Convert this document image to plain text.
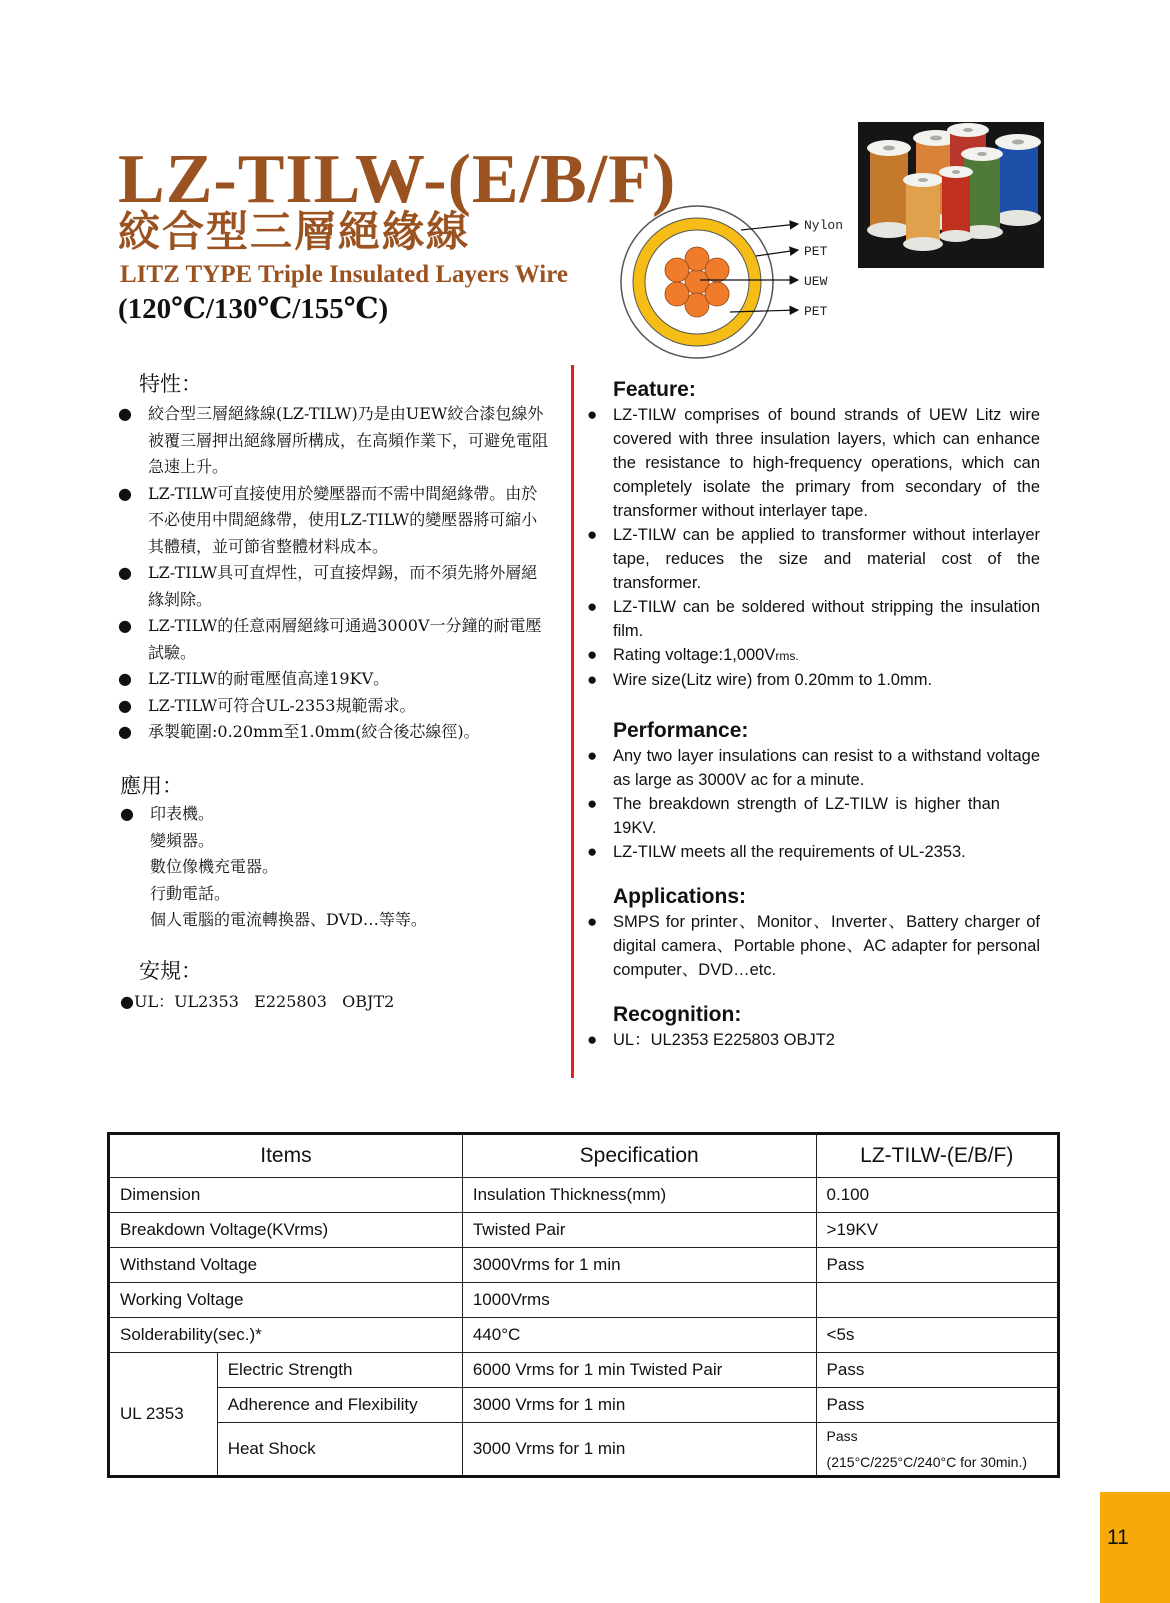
LZ-TILW-(E/B/F)
絞合型三層絕緣線

LITZ TYPE Triple Insulated Layers Wire

(120℃/130℃/155℃)

Nylon
PET
UEW
PET

特性：

● 絞合型三層絕緣線(LZ-TILW)乃是由UEW絞合漆包線外被覆三層押出絕緣層所構成，在高頻作業下，可避免電阻急速上升。
● LZ-TILW可直接使用於變壓器而不需中間絕緣帶。由於不必使用中間絕緣帶，使用LZ-TILW的變壓器將可縮小其體積，並可節省整體材料成本。
● LZ-TILW具可直焊性，可直接焊錫，而不須先將外層絕緣剝除。
● LZ-TILW的任意兩層絕緣可通過3000V一分鐘的耐電壓試驗。
● LZ-TILW的耐電壓值高達19KV。
● LZ-TILW可符合UL-2353規範需求。
● 承製範圍:0.20mm至1.0mm(絞合後芯線徑)。

應用：

● 印表機。
變頻器。
數位像機充電器。
行動電話。
個人電腦的電流轉換器、DVD…等等。

安規：

●UL：UL2353   E225803   OBJT2

Feature:

● LZ-TILW comprises of bound strands of UEW Litz wire covered with three insulation layers, which can enhance the resistance to high-frequency operations, which can completely isolate the primary from secondary of the transformer without interlayer tape.
● LZ-TILW can be applied to transformer without interlayer tape, reduces the size and material cost of the transformer.
● LZ-TILW can be soldered without stripping the insulation film.
● Rating voltage:1,000Vrms.
● Wire size(Litz wire) from 0.20mm to 1.0mm.

Performance:

● Any two layer insulations can resist to a withstand voltage as large as 3000V ac for a minute.
● The breakdown strength of LZ-TILW is higher than 19KV.
● LZ-TILW meets all the requirements of UL-2353.

Applications:

● SMPS for printer、Monitor、Inverter、Battery charger of digital camera、Portable phone、AC adapter for personal computer、DVD…etc.

Recognition:

● UL：UL2353 E225803 OBJT2
Items		Specification	LZ-TILW-(E/B/F)
Dimension		Insulation Thickness(mm)	0.100
Breakdown Voltage(KVrms)		Twisted Pair	>19KV
Withstand Voltage		3000Vrms for 1 min	Pass
Working Voltage		1000Vrms	
Solderability(sec.)*		440°C	<5s
UL 2353	Electric Strength	6000 Vrms for 1 min Twisted Pair	Pass
	Adherence and Flexibility	3000 Vrms for 1 min	Pass
	Heat Shock	3000 Vrms for 1 min	Pass
(215°C/225°C/240°C for 30min.)

11
